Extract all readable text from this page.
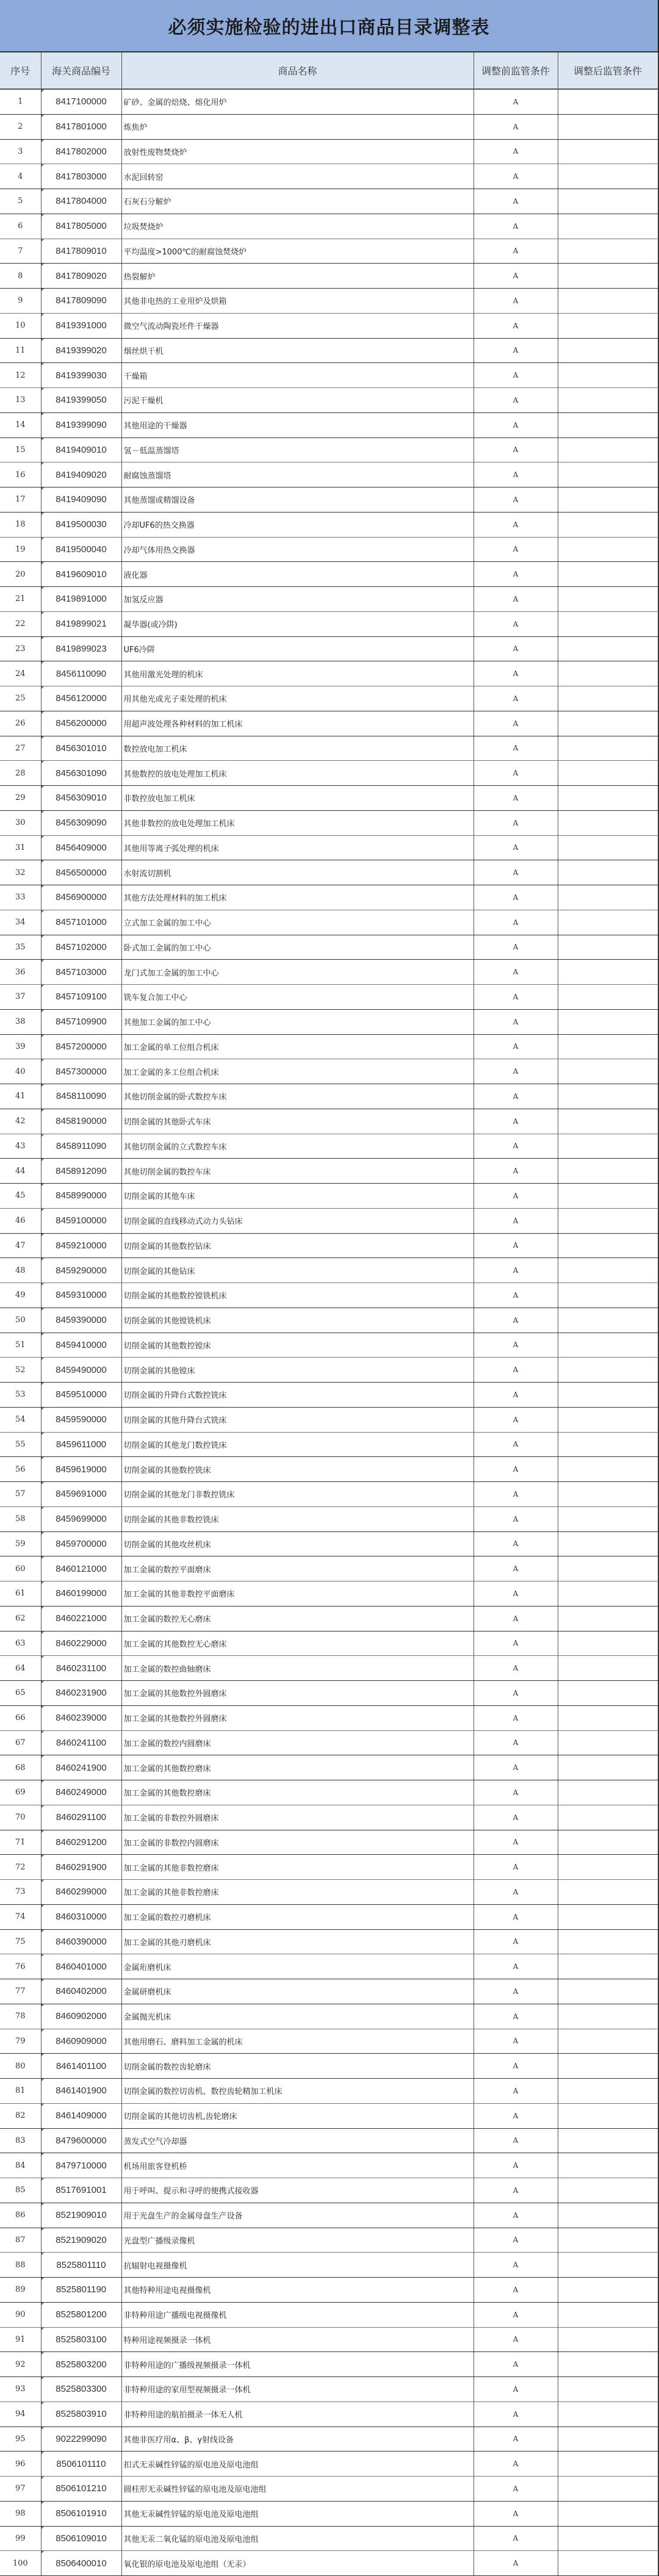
必须实施检验的进出口商品目录调整表
序号	海关商品编号	商品名称	调整前监管条件	调整后监管条件
1	8417100000	矿砂、金属的焙烧、熔化用炉	A	
2	8417801000	炼焦炉	A	
3	8417802000	放射性废物焚烧炉	A	
4	8417803000	水泥回转窑	A	
5	8417804000	石灰石分解炉	A	
6	8417805000	垃圾焚烧炉	A	
7	8417809010	平均温度>1000℃的耐腐蚀焚烧炉	A	
8	8417809020	热裂解炉	A	
9	8417809090	其他非电热的工业用炉及烘箱	A	
10	8419391000	微空气流动陶瓷坯件干燥器	A	
11	8419399020	烟丝烘干机	A	
12	8419399030	干燥箱	A	
13	8419399050	污泥干燥机	A	
14	8419399090	其他用途的干燥器	A	
15	8419409010	氢－低温蒸馏塔	A	
16	8419409020	耐腐蚀蒸馏塔	A	
17	8419409090	其他蒸馏或精馏设备	A	
18	8419500030	冷却UF6的热交换器	A	
19	8419500040	冷却气体用热交换器	A	
20	8419609010	液化器	A	
21	8419891000	加氢反应器	A	
22	8419899021	凝华器(或冷阱)	A	
23	8419899023	UF6冷阱	A	
24	8456110090	其他用激光处理的机床	A	
25	8456120000	用其他光或光子束处理的机床	A	
26	8456200000	用超声波处理各种材料的加工机床	A	
27	8456301010	数控放电加工机床	A	
28	8456301090	其他数控的放电处理加工机床	A	
29	8456309010	非数控放电加工机床	A	
30	8456309090	其他非数控的放电处理加工机床	A	
31	8456409000	其他用等离子弧处理的机床	A	
32	8456500000	水射流切割机	A	
33	8456900000	其他方法处理材料的加工机床	A	
34	8457101000	立式加工金属的加工中心	A	
35	8457102000	卧式加工金属的加工中心	A	
36	8457103000	龙门式加工金属的加工中心	A	
37	8457109100	铣车复合加工中心	A	
38	8457109900	其他加工金属的加工中心	A	
39	8457200000	加工金属的单工位组合机床	A	
40	8457300000	加工金属的多工位组合机床	A	
41	8458110090	其他切削金属的卧式数控车床	A	
42	8458190000	切削金属的其他卧式车床	A	
43	8458911090	其他切削金属的立式数控车床	A	
44	8458912090	其他切削金属的数控车床	A	
45	8458990000	切削金属的其他车床	A	
46	8459100000	切削金属的直线移动式动力头钻床	A	
47	8459210000	切削金属的其他数控钻床	A	
48	8459290000	切削金属的其他钻床	A	
49	8459310000	切削金属的其他数控镗铣机床	A	
50	8459390000	切削金属的其他镗铣机床	A	
51	8459410000	切削金属的其他数控镗床	A	
52	8459490000	切削金属的其他镗床	A	
53	8459510000	切削金属的升降台式数控铣床	A	
54	8459590000	切削金属的其他升降台式铣床	A	
55	8459611000	切削金属的其他龙门数控铣床	A	
56	8459619000	切削金属的其他数控铣床	A	
57	8459691000	切削金属的其他龙门非数控铣床	A	
58	8459699000	切削金属的其他非数控铣床	A	
59	8459700000	切削金属的其他攻丝机床	A	
60	8460121000	加工金属的数控平面磨床	A	
61	8460199000	加工金属的其他非数控平面磨床	A	
62	8460221000	加工金属的数控无心磨床	A	
63	8460229000	加工金属的其他数控无心磨床	A	
64	8460231100	加工金属的数控曲轴磨床	A	
65	8460231900	加工金属的其他数控外圆磨床	A	
66	8460239000	加工金属的其他数控外圆磨床	A	
67	8460241100	加工金属的数控内圆磨床	A	
68	8460241900	加工金属的其他数控磨床	A	
69	8460249000	加工金属的其他数控磨床	A	
70	8460291100	加工金属的非数控外圆磨床	A	
71	8460291200	加工金属的非数控内圆磨床	A	
72	8460291900	加工金属的其他非数控磨床	A	
73	8460299000	加工金属的其他非数控磨床	A	
74	8460310000	加工金属的数控刃磨机床	A	
75	8460390000	加工金属的其他刃磨机床	A	
76	8460401000	金属珩磨机床	A	
77	8460402000	金属研磨机床	A	
78	8460902000	金属抛光机床	A	
79	8460909000	其他用磨石、磨料加工金属的机床	A	
80	8461401100	切削金属的数控齿轮磨床	A	
81	8461401900	切削金属的数控切齿机、数控齿轮精加工机床	A	
82	8461409000	切削金属的其他切齿机,齿轮磨床	A	
83	8479600000	蒸发式空气冷却器	A	
84	8479710000	机场用旅客登机桥	A	
85	8517691001	用于呼叫、提示和寻呼的便携式接收器	A	
86	8521909010	用于光盘生产的金属母盘生产设备	A	
87	8521909020	光盘型广播级录像机	A	
88	8525801110	抗辐射电视摄像机	A	
89	8525801190	其他特种用途电视摄像机	A	
90	8525801200	非特种用途广播级电视摄像机	A	
91	8525803100	特种用途视频摄录一体机	A	
92	8525803200	非特种用途的广播级视频摄录一体机	A	
93	8525803300	非特种用途的家用型视频摄录一体机	A	
94	8525803910	非特种用途的航拍摄录一体无人机	A	
95	9022299090	其他非医疗用α、β、γ射线设备	A	
96	8506101110	扣式无汞碱性锌锰的原电池及原电池组	A	
97	8506101210	圆柱形无汞碱性锌锰的原电池及原电池组	A	
98	8506101910	其他无汞碱性锌锰的原电池及原电池组	A	
99	8506109010	其他无汞二氧化锰的原电池及原电池组	A	
100	8506400010	氧化银的原电池及原电池组（无汞）	A	
